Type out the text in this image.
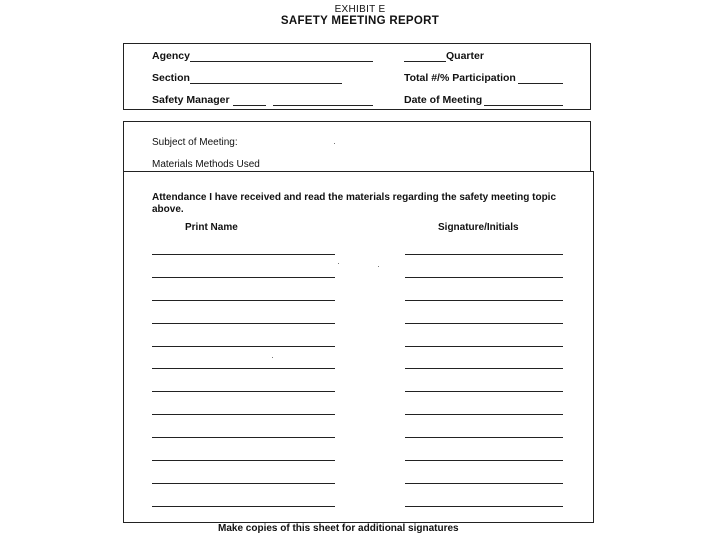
EXHIBIT E
SAFETY MEETING REPORT
Agency	Quarter
Section	Total #/% Participation
Safety Manager	Date of Meeting
Subject of Meeting:
Materials Methods Used
Attendance I have received and read the materials regarding the safety meeting topic above.
Print Name	Signature/Initials
Make copies of this sheet for additional signatures
